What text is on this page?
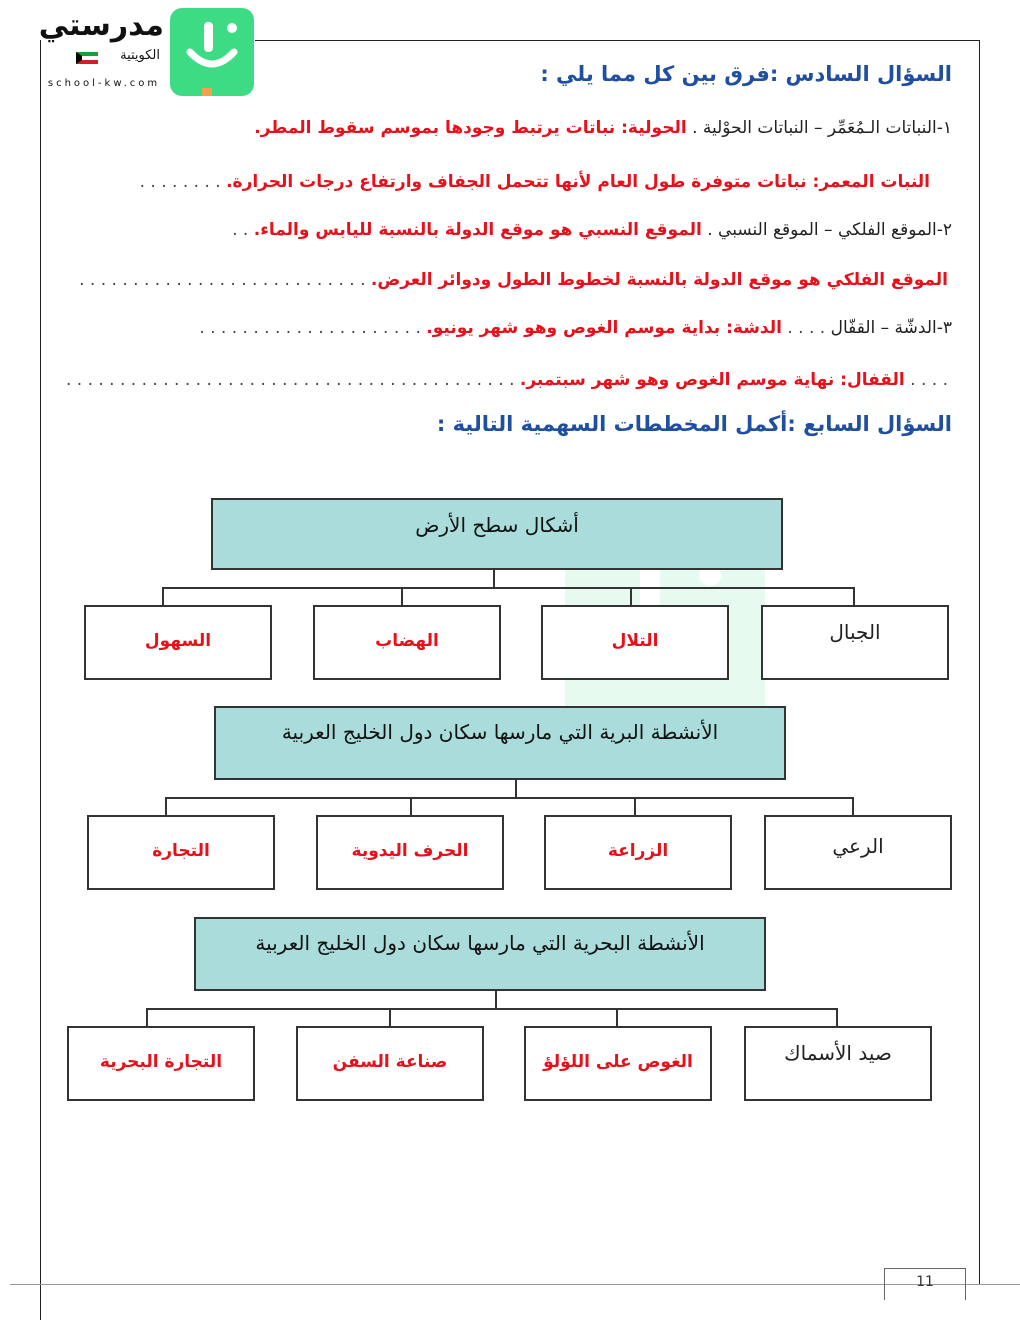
مدرستي
الكويتية
school-kw.com	السؤال السادس :فرق بين كل مما يلي :
١-النباتات الـمُعَمِّر – النباتات الحوْلية . الحولية: نباتات يرتبط وجودها بموسم سقوط المطر.
النبات المعمر: نباتات متوفرة طول العام لأنها تتحمل الجفاف وارتفاع درجات الحرارة. . . . . . . . .
٢-الموقع الفلكي – الموقع النسبي . الموقع النسبي هو موقع الدولة بالنسبة لليابس والماء. . .
الموقع الفلكي هو موقع الدولة بالنسبة لخطوط الطول ودوائر العرض. . . . . . . . . . . . . . . . . . . . . . . . . . . .
٣-الدشّة – القفّال . . . . الدشة: بداية موسم الغوص وهو شهر يونيو. . . . . . . . . . . . . . . . . . . . . .
. . . . القفال: نهاية موسم الغوص وهو شهر سبتمبر. . . . . . . . . . . . . . . . . . . . . . . . . . . . . . . . . . . . . . . . . . .
السؤال السابع :أكمل المخططات السهمية التالية :
أشكال سطح الأرض
الجبال
التلال
الهضاب
السهول
الأنشطة البرية التي مارسها سكان دول الخليج العربية
الرعي
الزراعة
الحرف اليدوية
التجارة
الأنشطة البحرية التي مارسها سكان دول الخليج العربية
صيد الأسماك
الغوص على اللؤلؤ
صناعة السفن
التجارة البحرية
11
